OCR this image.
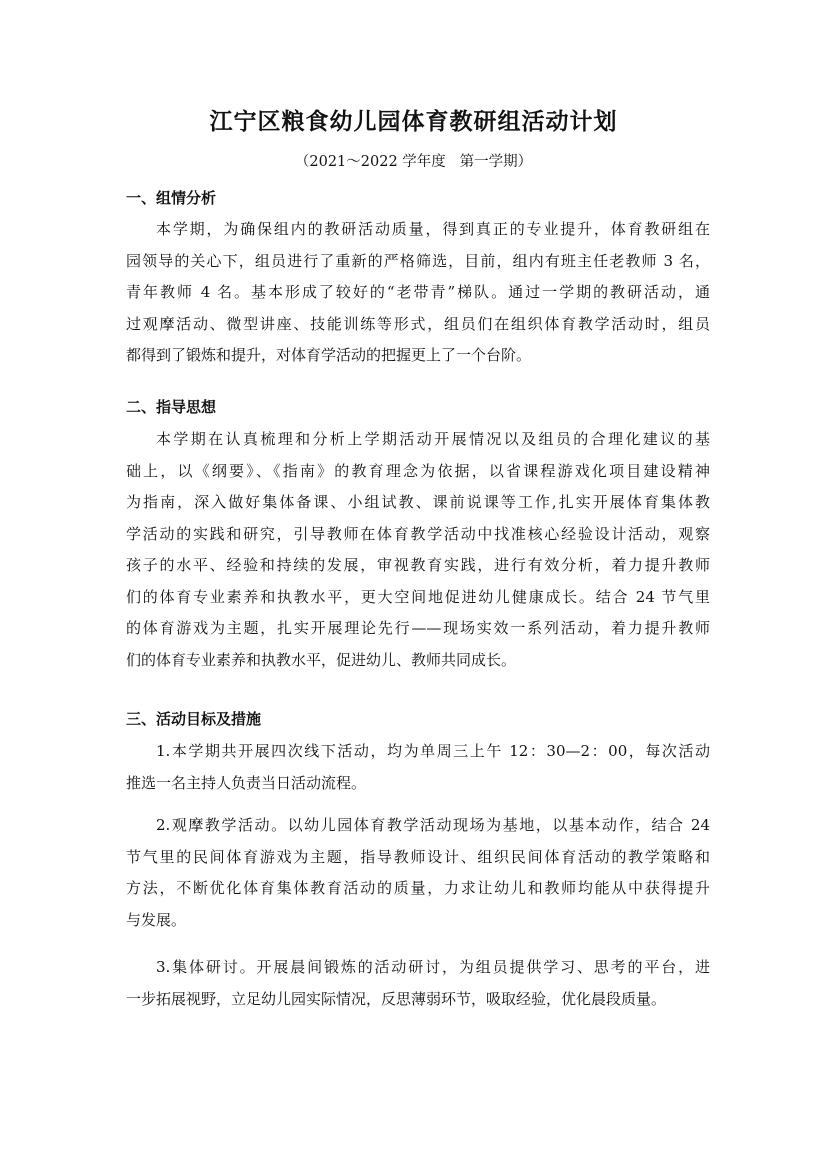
江宁区粮食幼儿园体育教研组活动计划
（2021～2022 学年度   第一学期）
一、组情分析
本学期，为确保组内的教研活动质量，得到真正的专业提升，体育教研组在
园领导的关心下，组员进行了重新的严格筛选，目前，组内有班主任老教师 3 名，
青年教师 4 名。基本形成了较好的“老带青”梯队。通过一学期的教研活动，通
过观摩活动、微型讲座、技能训练等形式，组员们在组织体育教学活动时，组员
都得到了锻炼和提升，对体育学活动的把握更上了一个台阶。
二、指导思想
本学期在认真梳理和分析上学期活动开展情况以及组员的合理化建议的基
础上，以《纲要》、《指南》的教育理念为依据，以省课程游戏化项目建设精神
为指南，深入做好集体备课、小组试教、课前说课等工作,扎实开展体育集体教
学活动的实践和研究，引导教师在体育教学活动中找准核心经验设计活动，观察
孩子的水平、经验和持续的发展，审视教育实践，进行有效分析，着力提升教师
们的体育专业素养和执教水平，更大空间地促进幼儿健康成长。结合 24 节气里
的体育游戏为主题，扎实开展理论先行——现场实效一系列活动，着力提升教师
们的体育专业素养和执教水平，促进幼儿、教师共同成长。
三、活动目标及措施
1.本学期共开展四次线下活动，均为单周三上午 12：30—2：00，每次活动
推选一名主持人负责当日活动流程。
2.观摩教学活动。以幼儿园体育教学活动现场为基地，以基本动作，结合 24
节气里的民间体育游戏为主题，指导教师设计、组织民间体育活动的教学策略和
方法，不断优化体育集体教育活动的质量，力求让幼儿和教师均能从中获得提升
与发展。
3.集体研讨。开展晨间锻炼的活动研讨，为组员提供学习、思考的平台，进
一步拓展视野，立足幼儿园实际情况，反思薄弱环节，吸取经验，优化晨段质量。
